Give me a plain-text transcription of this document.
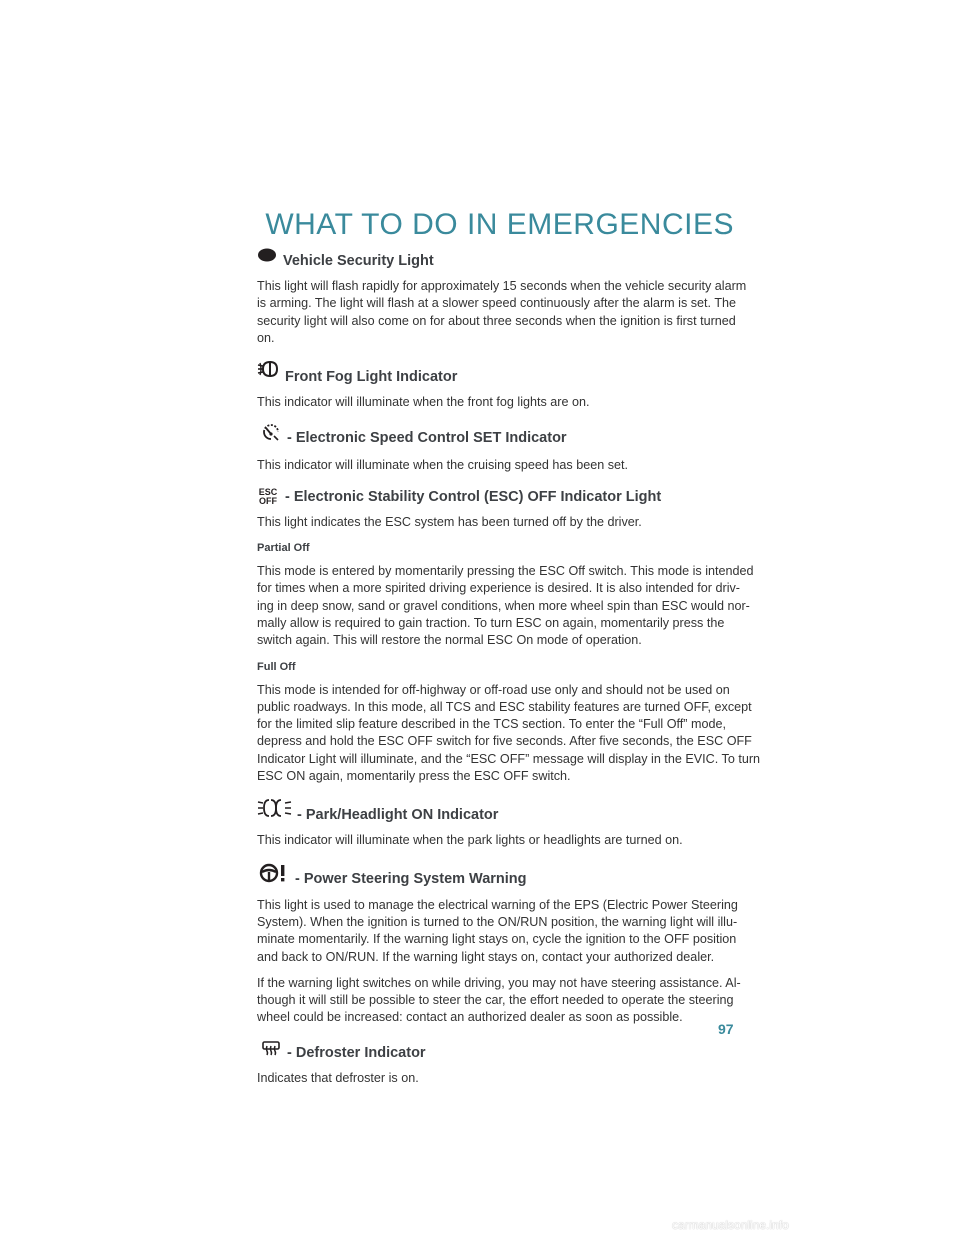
WHAT TO DO IN EMERGENCIES
Vehicle Security Light

This light will flash rapidly for approximately 15 seconds when the vehicle security alarm
is arming. The light will flash at a slower speed continuously after the alarm is set. The
security light will also come on for about three seconds when the ignition is first turned
on.

Front Fog Light Indicator

This indicator will illuminate when the front fog lights are on.

- Electronic Speed Control SET Indicator

This indicator will illuminate when the cruising speed has been set.

ESC
OFF - Electronic Stability Control (ESC) OFF Indicator Light

This light indicates the ESC system has been turned off by the driver.

Partial Off

This mode is entered by momentarily pressing the ESC Off switch. This mode is intended
for times when a more spirited driving experience is desired. It is also intended for driv-
ing in deep snow, sand or gravel conditions, when more wheel spin than ESC would nor-
mally allow is required to gain traction. To turn ESC on again, momentarily press the
switch again. This will restore the normal ESC On mode of operation.

Full Off

This mode is intended for off-highway or off-road use only and should not be used on
public roadways. In this mode, all TCS and ESC stability features are turned OFF, except
for the limited slip feature described in the TCS section. To enter the “Full Off” mode,
depress and hold the ESC OFF switch for five seconds. After five seconds, the ESC OFF
Indicator Light will illuminate, and the “ESC OFF” message will display in the EVIC. To turn
ESC ON again, momentarily press the ESC OFF switch.

- Park/Headlight ON Indicator

This indicator will illuminate when the park lights or headlights are turned on.

- Power Steering System Warning

This light is used to manage the electrical warning of the EPS (Electric Power Steering
System). When the ignition is turned to the ON/RUN position, the warning light will illu-
minate momentarily. If the warning light stays on, cycle the ignition to the OFF position
and back to ON/RUN. If the warning light stays on, contact your authorized dealer.

If the warning light switches on while driving, you may not have steering assistance. Al-
though it will still be possible to steer the car, the effort needed to operate the steering
wheel could be increased: contact an authorized dealer as soon as possible.

- Defroster Indicator

Indicates that defroster is on.

97

carmanualsonline.info
